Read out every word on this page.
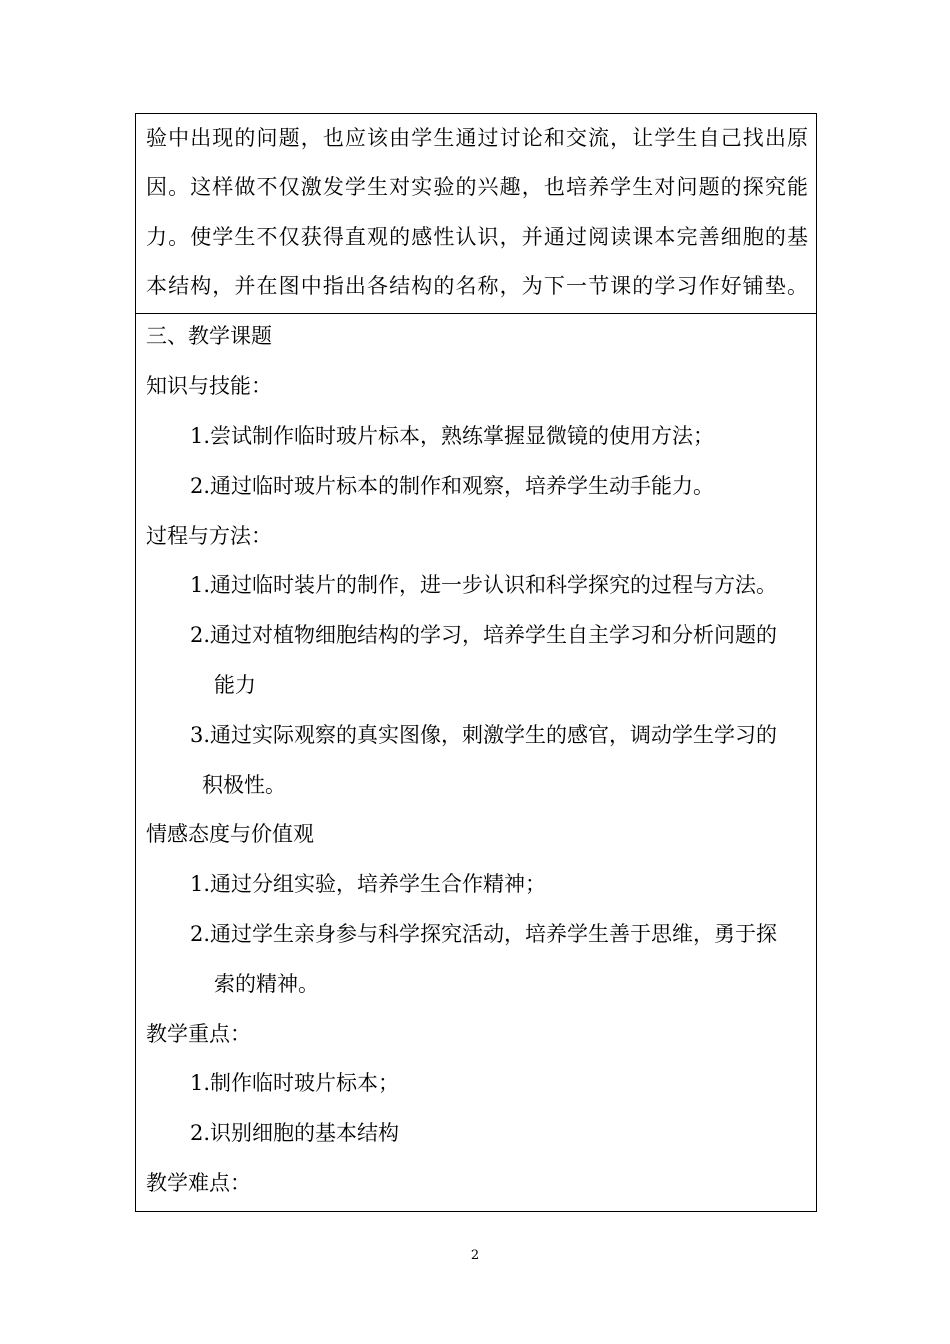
验中出现的问题，也应该由学生通过讨论和交流，让学生自己找出原
因。这样做不仅激发学生对实验的兴趣，也培养学生对问题的探究能
力。使学生不仅获得直观的感性认识，并通过阅读课本完善细胞的基
本结构，并在图中指出各结构的名称，为下一节课的学习作好铺垫。
三、教学课题
知识与技能：
1.尝试制作临时玻片标本，熟练掌握显微镜的使用方法；
2.通过临时玻片标本的制作和观察，培养学生动手能力。
过程与方法：
1.通过临时装片的制作，进一步认识和科学探究的过程与方法。
2.通过对植物细胞结构的学习，培养学生自主学习和分析问题的
能力
3.通过实际观察的真实图像，刺激学生的感官，调动学生学习的
积极性。
情感态度与价值观
1.通过分组实验，培养学生合作精神；
2.通过学生亲身参与科学探究活动，培养学生善于思维，勇于探
索的精神。
教学重点：
1.制作临时玻片标本；
2.识别细胞的基本结构
教学难点：
2
